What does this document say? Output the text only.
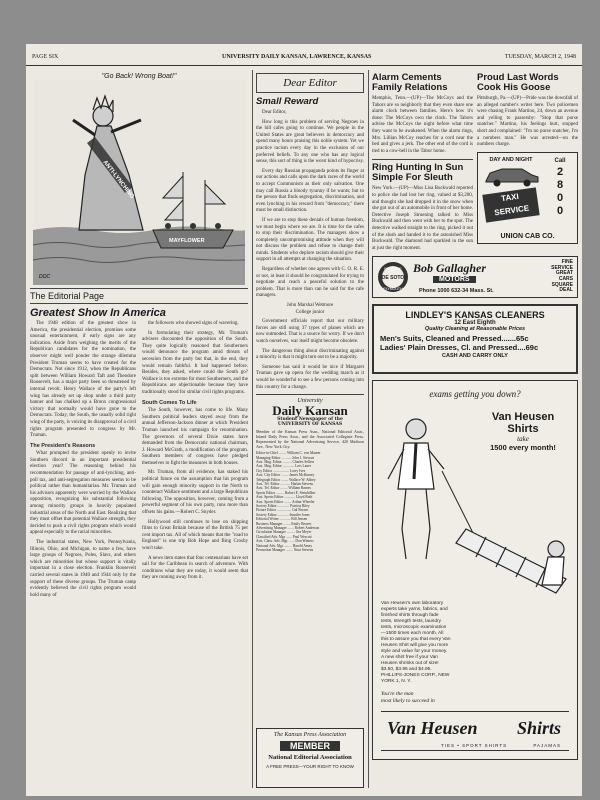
PAGE SIX	UNIVERSITY DAILY KANSAN, LAWRENCE, KANSAS	TUESDAY, MARCH 2, 1948
"Go Back! Wrong Boat!"
ANTI-LYNCHING
MAYFLOWER
DOC
The Editorial Page
Greatest Show In America

The 1948 edition of the greatest show in America, the presidential election, promises some unusual entertainment, if early signs are any indication. Aside from weighing the merits of the Republican candidates for the nomination, the observer might well ponder the strange dilemma President Truman seems to have created for the Democrats. Not since 1912, when the Republicans split between William Howard Taft and Theodore Roosevelt, has a major party been so threatened by internal revolt. Henry Wallace of the party's left wing has already set up shop under a third party banner and has chalked up a Bronx congressional victory that normally would have gone to the Democrats. Today, the South, the usually solid right wing of the party, is voicing its disapproval of a civil rights program presented to congress by Mr. Truman.

The President's Reasons

What prompted the president openly to invite Southern discord in an important presidential election year? The reasoning behind his recommendation for passage of anti-lynching, anti-poll tax, and anti-segregation measures seems to be political rather than humanitarian. Mr. Truman and his advisors apparently were worried by the Wallace opposition, recognizing his substantial following among minority groups in heavily populated industrial areas of the North and East. Realizing that they must offset that potential Wallace strength, they decided to push a civil rights program which would appeal especially to the racial minorities.

The industrial states, New York, Pennsylvania, Illinois, Ohio, and Michigan, to name a few, have large groups of Negroes, Poles, Slavs, and others which are minorities but whose support is vitally important in a close election. Franklin Roosevelt carried several states in 1940 and 1944 only by the support of these diverse groups. The Truman camp evidently believed the civil rights program would hold many of

the followers who showed signs of wavering.

In formulating their strategy, Mr. Truman's advisers discounted the opposition of the South. They quite logically reasoned that Southerners would denounce the program amid threats of secession from the party but that, in the end, they would remain faithful. It had happened before. Besides, they asked, where could the South go? Wallace is too extreme for most Southerners, and the Republicans are objectionable because they have traditionally stood for similar civil rights programs.

South Comes To Life

The South, however, has come to life. Many Southern political leaders stayed away from the annual Jefferson-Jackson dinner at which President Truman launched his campaign for renomination. The governors of several Dixie states have demanded from the Democratic national chairman, J. Howard McGrath, a modification of the program. Southern members of congress have pledged themselves to fight the measures in both houses.

Mr. Truman, from all evidence, has staked his political future on the assumption that his program will gain enough minority support in the North to counteract Wallace sentiment and a large Republican following. The opposition, however, coming from a powerful segment of his own party, runs more than offsets his gains.—Robert C. Snyder.

Hollywood still continues to lose on shipping films to Great Britain because of the British 75 per cent import tax. All of which means that the "road to England" is one trip Bob Hope and Bing Crosby won't take.

A news item states that four centenarians have set sail for the Caribbean in search of adventure. With conditions what they are today, it would seem that they are running away from it.

Dear Editor
Small Reward

Dear Editor,

How long is this problem of serving Negroes in the hill cafes going to continue. We people in the United States are great believers in democracy and spend many hours praising this noble system. Yet we practice racism every day in the exclusion of our preferred beliefs. To any one who has any logical sense, this sort of thing is the worst kind of hypocrisy.

Every day Russian propaganda points its finger at our actions and calls upon the dark races of the world to accept Communism as their only salvation. One may call Russia a bloody tyranny if he wants; but to the person that finds segregation, discrimination, and even lynching in his reward from "democracy," there must be small distinction.

If we are to stop these denials of human freedom, we must begin where we are. It is time for the cafes to stop their discrimination. The managers show a completely uncompromising attitude when they will not discuss the problem and refuse to change their minds. Students who deplore racism should give their support in all attempts at changing the situation.

Regardless of whether one agrees with C. O. R. E. or not, at least it should be congratulated for trying to negotiate and reach a peaceful solution to the problem. That is more than can be said for the cafe managers.

John Marshal Wetmore
College junior

Government officials report that our military forces are still using 37 types of planes which are now outmoded. That is a source for worry. If we don't watch ourselves, war itself might become obsolete.

The dangerous thing about discriminating against a minority is that it might turn out to be a majority.

Someone has said it would be nice if Margaret Truman gave up opera for the wedding march as it would be wonderful to see a few persons coming into this country for a change.

University
Daily Kansan
Student Newspaper of the
UNIVERSITY OF KANSAS
Member of the Kansas Press Assn., National Editorial Assn., Inland Daily Press Assn., and the Associated Collegiate Press. Represented by the National Advertising Service, 420 Madison Ave., New York City.
Editor-in-Chief ........ William C. von Maurer
Managing Editor ........... John J. Stewart
Asst. Mng. Editor .......... Charles Sellers
Asst. Mng. Editor ............. Lois Lauer
City Editor .................. Lorry Ives
Asst. City Editor ........ James McKinney
Telegraph Editor ........ Wallace W. Abbey
Asst. Tel. Editor ........... Harlan Stevens
Asst. Tel. Editor ........ William Barnes
Sports Editor ......... Robert E. Steinhilber
Asst. Sports Editor ............ Lloyd Roth
Asst. Sports Editor ........ Arthur Wheeler
Society Editor ............. Patricia Riley
Picture Editor ................ Gal Brown
Society Editor ............ Jennifer Jones
Editorial Writer ............ Bill Jensen
Business Manager ........ Emily Beaver
Advertising Manager ....... Robert Anderson
Circulation Manager ......... Ora Meyer
Classified Adv. Mgr. ...... Paul Wescott
Asst. Class. Adv. Mgr. ...... Don Winters
National Adv. Mgr. ........ Harold Amey
Promotion Manager ........ Nora Stevens
Alarm Cements Family Relations
Memphis, Tenn.—(UP)—The McCoys and the Tabors are so neighborly that they even share one alarm clock between families. Here's how it's done: The McCoys own the clock. The Tabors advise the McCoys the night before what time they want to be awakened. When the alarm rings, Mrs. Lillian McCoy reaches for a cord near the bed and gives a jerk. The other end of the cord is tied to a cow-bell in the Tabor home.
Ring Hunting In Sun Simple For Sleuth
New York.—(UP)—Miss Lisa Buckwald reported to police she had lost her ring, valued at $3,200, and thought she had dropped it in the snow when she got out of an automobile in front of her home. Detective Joseph Struening talked to Miss Buckwald and then went with her to the spot. The detective walked straight to the ring, picked it out of the slush and handed it to the astonished Miss Buckwald. The diamond had sparkled in the sun at just the right moment.
Proud Last Words Cook His Goose
Pittsburgh, Pa.—(UP)—Pride was the downfall of an alleged number's writer here. Two policemen were chasing Frank Martino, 24, down an avenue and yelling to passersby: "Stop that purse snatcher." Martino, his feelings hurt, stopped short and complained: "I'm no purse snatcher, I'm a numbers man." He was arrested—on the numbers charge.
DAY AND NIGHT
TAXI
SERVICE
Call
2
8
0
0
UNION CAB CO.
BE SURE
DE SOTO
PLYMOUTH
Bob Gallagher
MOTORS
FINE
SERVICE
GREAT
CARS
SQUARE
DEAL
Phone 1000 632-34 Mass. St.
LINDLEY'S KANSAS CLEANERS
12 East Eighth
Quality Cleaning at Reasonable Prices
Men's Suits, Cleaned and Pressed.......65c
Ladies' Plain Dresses, Cl. and Pressed....69c
CASH AND CARRY ONLY
exams getting you down?
Van Heusen
Shirts
take
1500 every month!
Van Heusen's own laboratory experts take yarns, fabrics, and finished shirts through fade tests, strength tests, laundry tests, microscopic examination—1500 times each month. All this to assure you that every Van Heusen Shirt will give you more style and value for your money. A new shirt free if your Van Heusen shrinks out of size! $3.50, $3.95 and $4.95. PHILLIPS-JONES CORP., NEW YORK 1, N. Y.
You're the man
most likely to succeed in
Van Heusen Shirts
TIES • SPORT SHIRTS	PAJAMAS
The Kansas Press Association
MEMBER
National Editorial Association
A FREE PRESS—YOUR RIGHT TO KNOW
